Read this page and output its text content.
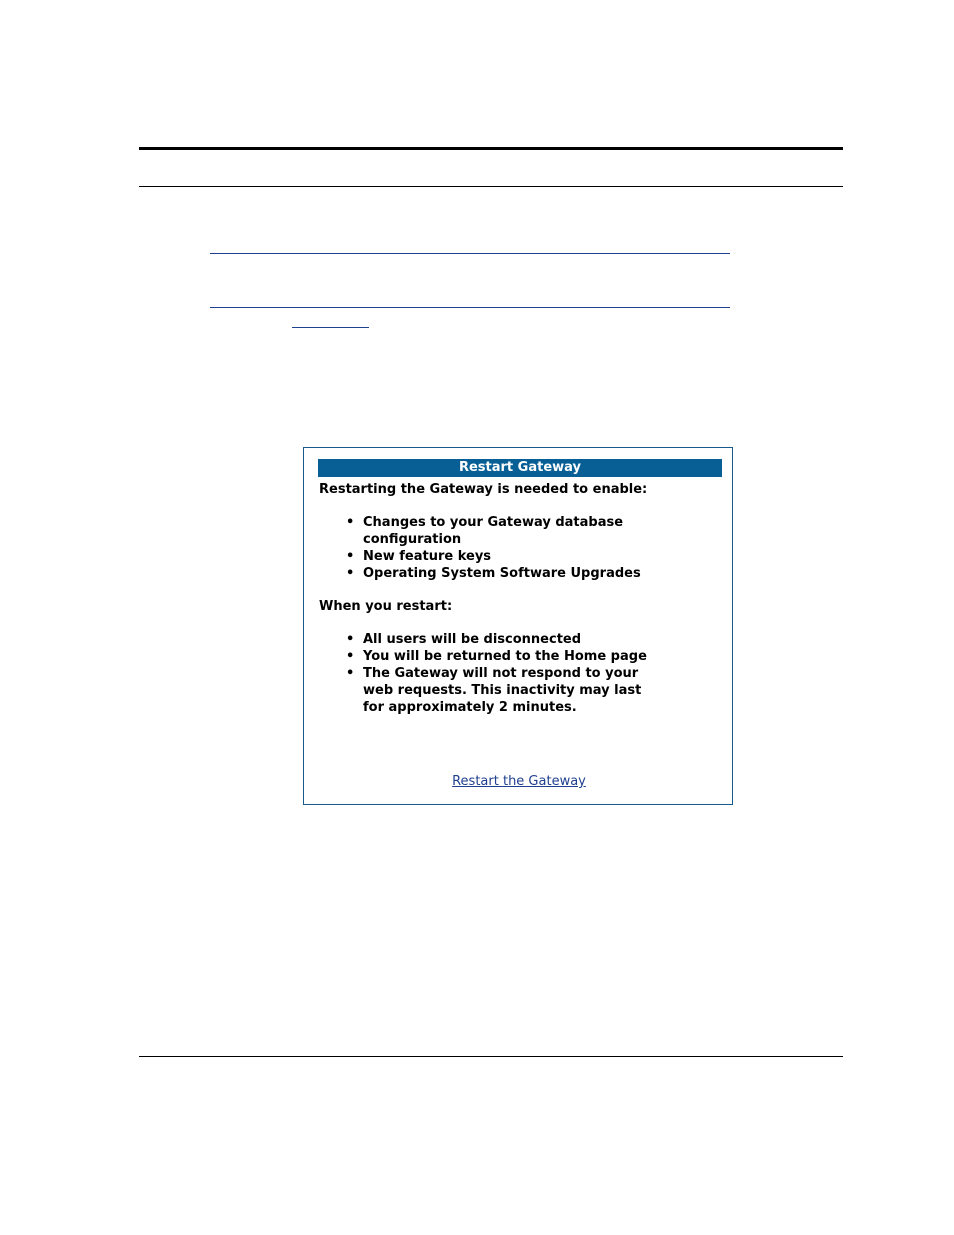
Restart Gateway

Restarting the Gateway is needed to enable:

• Changes to your Gateway database configuration
• New feature keys
• Operating System Software Upgrades

When you restart:

• All users will be disconnected
• You will be returned to the Home page
• The Gateway will not respond to your web requests. This inactivity may last for approximately 2 minutes.
Restart the Gateway
